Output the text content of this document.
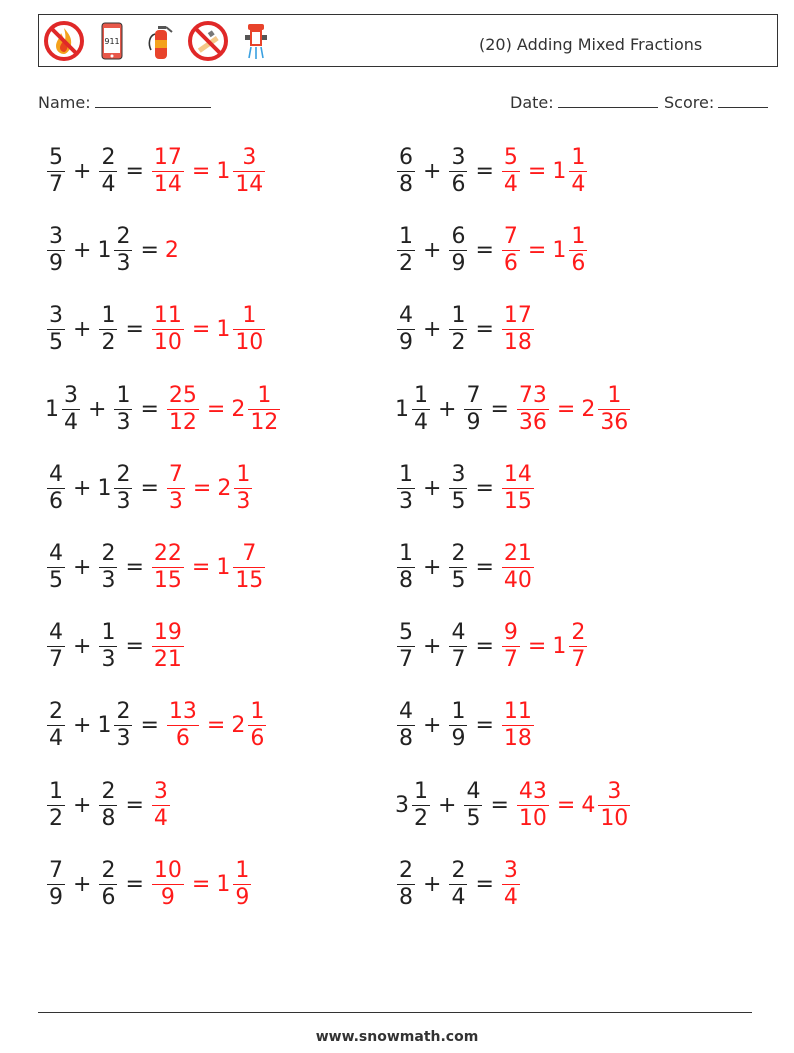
911	(20) Adding Mixed Fractions
Name:	Date:	Score:
$\frac{5}{7} + \frac{2}{4} = \frac{17}{14} = 1 \frac{3}{14}$	$\frac{6}{8} + \frac{3}{6} = \frac{5}{4} = 1 \frac{1}{4}$
$\frac{3}{9} + 1 \frac{2}{3} = 2$	$\frac{1}{2} + \frac{6}{9} = \frac{7}{6} = 1 \frac{1}{6}$
$\frac{3}{5} + \frac{1}{2} = \frac{11}{10} = 1 \frac{1}{10}$	$\frac{4}{9} + \frac{1}{2} = \frac{17}{18}$
$1 \frac{3}{4} + \frac{1}{3} = \frac{25}{12} = 2 \frac{1}{12}$	$1 \frac{1}{4} + \frac{7}{9} = \frac{73}{36} = 2 \frac{1}{36}$
$\frac{4}{6} + 1 \frac{2}{3} = \frac{7}{3} = 2 \frac{1}{3}$	$\frac{1}{3} + \frac{3}{5} = \frac{14}{15}$
$\frac{4}{5} + \frac{2}{3} = \frac{22}{15} = 1 \frac{7}{15}$	$\frac{1}{8} + \frac{2}{5} = \frac{21}{40}$
$\frac{4}{7} + \frac{1}{3} = \frac{19}{21}$	$\frac{5}{7} + \frac{4}{7} = \frac{9}{7} = 1 \frac{2}{7}$
$\frac{2}{4} + 1 \frac{2}{3} = \frac{13}{6} = 2 \frac{1}{6}$	$\frac{4}{8} + \frac{1}{9} = \frac{11}{18}$
$\frac{1}{2} + \frac{2}{8} = \frac{3}{4}$	$3 \frac{1}{2} + \frac{4}{5} = \frac{43}{10} = 4 \frac{3}{10}$
$\frac{7}{9} + \frac{2}{6} = \frac{10}{9} = 1 \frac{1}{9}$	$\frac{2}{8} + \frac{2}{4} = \frac{3}{4}$
www.snowmath.com
